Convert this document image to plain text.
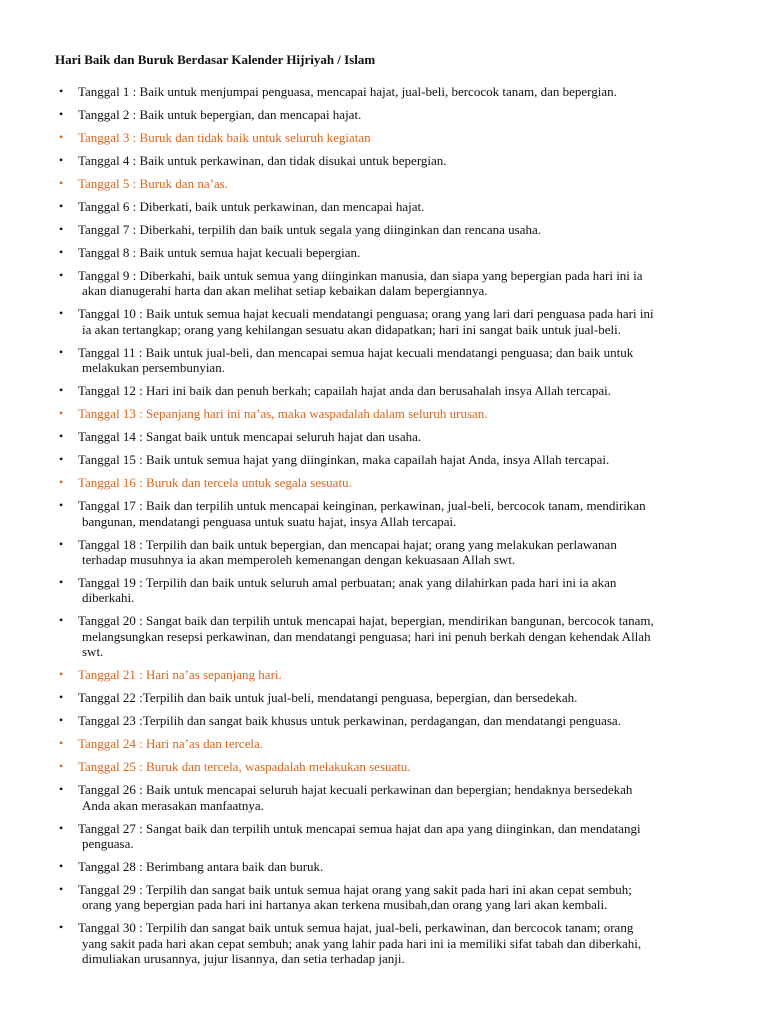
Hari Baik dan Buruk Berdasar Kalender Hijriyah / Islam
• Tanggal 1 : Baik untuk menjumpai penguasa, mencapai hajat, jual-beli, bercocok tanam, dan bepergian.
• Tanggal 2 : Baik untuk bepergian, dan mencapai hajat.
• Tanggal 3 : Buruk dan tidak baik untuk seluruh kegiatan
• Tanggal 4 : Baik untuk perkawinan, dan tidak disukai untuk bepergian.
• Tanggal 5 : Buruk dan na’as.
• Tanggal 6 : Diberkati, baik untuk perkawinan, dan mencapai hajat.
• Tanggal 7 : Diberkahi, terpilih dan baik untuk segala yang diinginkan dan rencana usaha.
• Tanggal 8 : Baik untuk semua hajat kecuali bepergian.
• Tanggal 9 : Diberkahi, baik untuk semua yang diinginkan manusia, dan siapa yang bepergian pada hari ini ia
akan dianugerahi harta dan akan melihat setiap kebaikan dalam bepergiannya.
• Tanggal 10 : Baik untuk semua hajat kecuali mendatangi penguasa; orang yang lari dari penguasa pada hari ini
ia akan tertangkap; orang yang kehilangan sesuatu akan didapatkan; hari ini sangat baik untuk jual-beli.
• Tanggal 11 : Baik untuk jual-beli, dan mencapai semua hajat kecuali mendatangi penguasa; dan baik untuk
melakukan persembunyian.
• Tanggal 12 : Hari ini baik dan penuh berkah; capailah hajat anda dan berusahalah insya Allah tercapai.
• Tanggal 13 : Sepanjang hari ini na’as, maka waspadalah dalam seluruh urusan.
• Tanggal 14 : Sangat baik untuk mencapai seluruh hajat dan usaha.
• Tanggal 15 : Baik untuk semua hajat yang diinginkan, maka capailah hajat Anda, insya Allah tercapai.
• Tanggal 16 : Buruk dan tercela untuk segala sesuatu.
• Tanggal 17 : Baik dan terpilih untuk mencapai keinginan, perkawinan, jual-beli, bercocok tanam, mendirikan
bangunan, mendatangi penguasa untuk suatu hajat, insya Allah tercapai.
• Tanggal 18 : Terpilih dan baik untuk bepergian, dan mencapai hajat; orang yang melakukan perlawanan
terhadap musuhnya ia akan memperoleh kemenangan dengan kekuasaan Allah swt.
• Tanggal 19 : Terpilih dan baik untuk seluruh amal perbuatan; anak yang dilahirkan pada hari ini ia akan
diberkahi.
• Tanggal 20 : Sangat baik dan terpilih untuk mencapai hajat, bepergian, mendirikan bangunan, bercocok tanam,
melangsungkan resepsi perkawinan, dan mendatangi penguasa; hari ini penuh berkah dengan kehendak Allah
swt.
• Tanggal 21 : Hari na’as sepanjang hari.
• Tanggal 22 :Terpilih dan baik untuk jual-beli, mendatangi penguasa, bepergian, dan bersedekah.
• Tanggal 23 :Terpilih dan sangat baik khusus untuk perkawinan, perdagangan, dan mendatangi penguasa.
• Tanggal 24 : Hari na’as dan tercela.
• Tanggal 25 : Buruk dan tercela, waspadalah melakukan sesuatu.
• Tanggal 26 : Baik untuk mencapai seluruh hajat kecuali perkawinan dan bepergian; hendaknya bersedekah
Anda akan merasakan manfaatnya.
• Tanggal 27 : Sangat baik dan terpilih untuk mencapai semua hajat dan apa yang diinginkan, dan mendatangi
penguasa.
• Tanggal 28 : Berimbang antara baik dan buruk.
• Tanggal 29 : Terpilih dan sangat baik untuk semua hajat orang yang sakit pada hari ini akan cepat sembuh;
orang yang bepergian pada hari ini hartanya akan terkena musibah,dan orang yang lari akan kembali.
• Tanggal 30 : Terpilih dan sangat baik untuk semua hajat, jual-beli, perkawinan, dan bercocok tanam; orang
yang sakit pada hari akan cepat sembuh; anak yang lahir pada hari ini ia memiliki sifat tabah dan diberkahi,
dimuliakan urusannya, jujur lisannya, dan setia terhadap janji.
